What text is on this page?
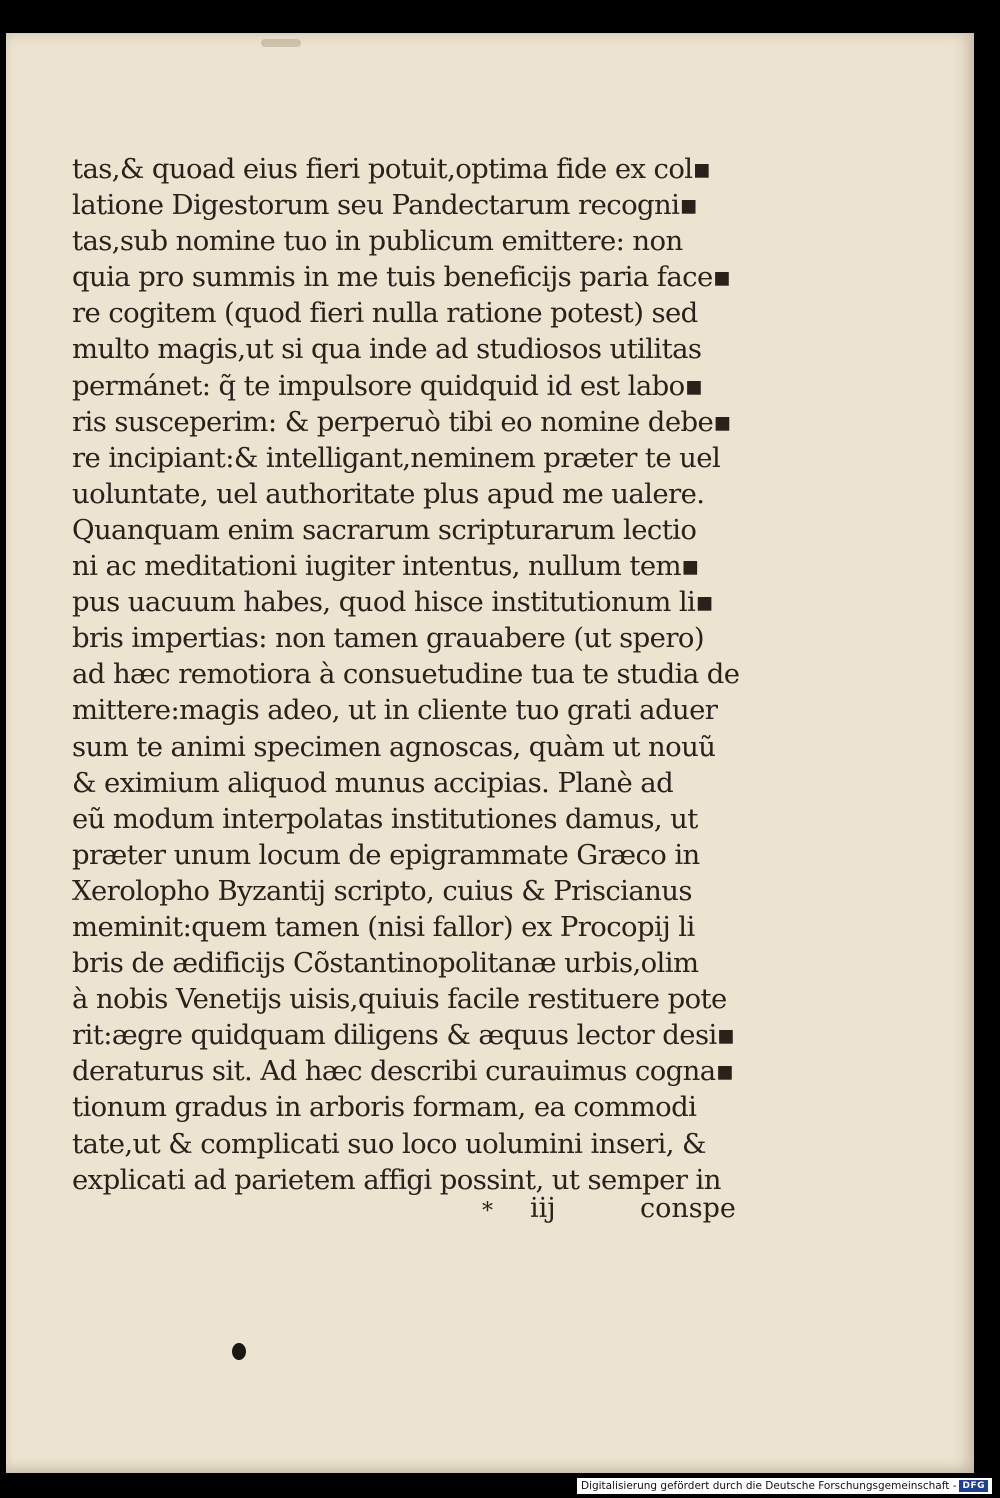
tas,& quoad eius fieri potuit,optima fide ex col▪
latione Digestorum seu Pandectarum recogni▪
tas,sub nomine tuo in publicum emittere: non
quia pro summis in me tuis beneficijs paria face▪
re cogitem (quod fieri nulla ratione potest) sed
multo magis,ut si qua inde ad studiosos utilitas
permánet: q̃ te impulsore quidquid id est labo▪
ris susceperim: & perperuò tibi eo nomine debe▪
re incipiant:& intelligant,neminem præter te uel
uoluntate, uel authoritate plus apud me ualere.
Quanquam enim sacrarum scripturarum lectio
ni ac meditationi iugiter intentus, nullum tem▪
pus uacuum habes, quod hisce institutionum li▪
bris impertias: non tamen grauabere (ut spero)
ad hæc remotiora à consuetudine tua te studia de
mittere:magis adeo, ut in cliente tuo grati aduer
sum te animi specimen agnoscas, quàm ut nouũ
& eximium aliquod munus accipias. Planè ad
eũ modum interpolatas institutiones damus, ut
præter unum locum de epigrammate Græco in
Xerolopho Byzantij scripto, cuius & Priscianus
meminit:quem tamen (nisi fallor) ex Procopij li
bris de ædificijs Cõstantinopolitanæ urbis,olim
à nobis Venetijs uisis,quiuis facile restituere pote
rit:ægre quidquam diligens & æquus lector desi▪
deraturus sit. Ad hæc describi curauimus cogna▪
tionum gradus in arboris formam, ea commodi
tate,ut & complicati suo loco uolumini inseri, &
explicati ad parietem affigi possint, ut semper in
* iij	conspe
Digitalisierung gefördert durch die Deutsche Forschungsgemeinschaft - DFG
